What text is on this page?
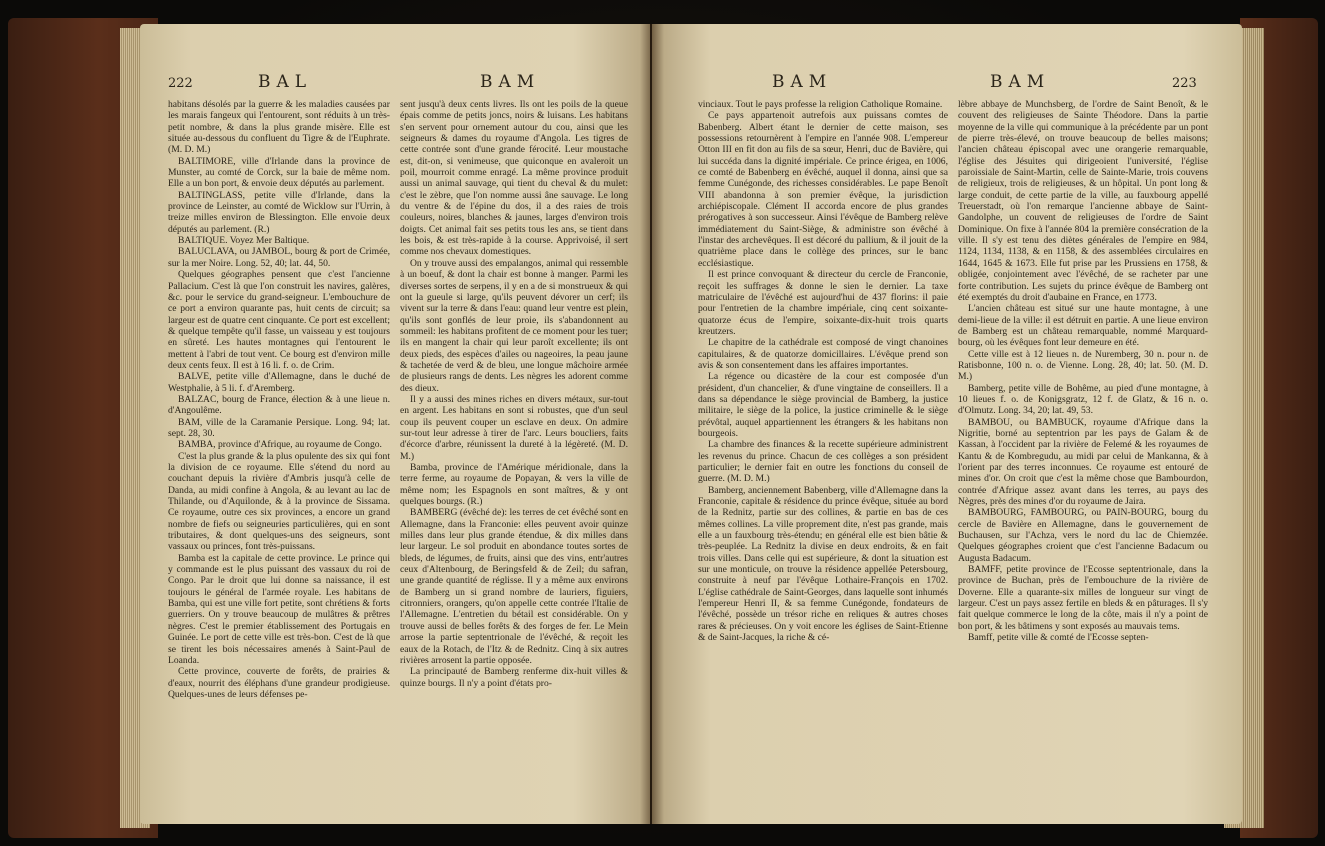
222	BAL	BAM

habitans désolés par la guerre & les maladies causées par les marais fangeux qui l'entourent, sont réduits à un très-petit nombre, & dans la plus grande misère. Elle est située au-dessous du confluent du Tigre & de l'Euphrate. (M. D. M.)

BALTIMORE, ville d'Irlande dans la province de Munster, au comté de Corck, sur la baie de même nom. Elle a un bon port, & envoie deux députés au parlement.

BALTINGLASS, petite ville d'Irlande, dans la province de Leinster, au comté de Wicklow sur l'Urrin, à treize milles environ de Blessington. Elle envoie deux députés au parlement. (R.)

BALTIQUE. Voyez Mer Baltique.

BALUCLAVA, ou JAMBOL, bourg & port de Crimée, sur la mer Noire. Long. 52, 40; lat. 44, 50.

Quelques géographes pensent que c'est l'ancienne Pallacium. C'est là que l'on construit les navires, galères, &c. pour le service du grand-seigneur. L'embouchure de ce port a environ quarante pas, huit cents de circuit; sa largeur est de quatre cent cinquante. Ce port est excellent; & quelque tempête qu'il fasse, un vaisseau y est toujours en sûreté. Les hautes montagnes qui l'entourent le mettent à l'abri de tout vent. Ce bourg est d'environ mille deux cents feux. Il est à 16 li. f. o. de Crim.

BALVE, petite ville d'Allemagne, dans le duché de Westphalie, à 5 li. f. d'Aremberg.

BALZAC, bourg de France, élection & à une lieue n. d'Angoulême.

BAM, ville de la Caramanie Persique. Long. 94; lat. sept. 28, 30.

BAMBA, province d'Afrique, au royaume de Congo.

C'est la plus grande & la plus opulente des six qui font la division de ce royaume. Elle s'étend du nord au couchant depuis la rivière d'Ambris jusqu'à celle de Danda, au midi confine à Angola, & au levant au lac de Thilande, ou d'Aquilonde, & à la province de Sissama. Ce royaume, outre ces six provinces, a encore un grand nombre de fiefs ou seigneuries particulières, qui en sont tributaires, & dont quelques-uns des seigneurs, sont vassaux ou princes, font très-puissans.

Bamba est la capitale de cette province. Le prince qui y commande est le plus puissant des vassaux du roi de Congo. Par le droit que lui donne sa naissance, il est toujours le général de l'armée royale. Les habitans de Bamba, qui est une ville fort petite, sont chrétiens & forts guerriers. On y trouve beaucoup de mulâtres & prêtres nègres. C'est le premier établissement des Portugais en Guinée. Le port de cette ville est très-bon. C'est de là que se tirent les bois nécessaires amenés à Saint-Paul de Loanda.

Cette province, couverte de forêts, de prairies & d'eaux, nourrit des éléphans d'une grandeur prodigieuse. Quelques-unes de leurs défenses pe-

sent jusqu'à deux cents livres. Ils ont les poils de la queue épais comme de petits joncs, noirs & luisans. Les habitans s'en servent pour ornement autour du cou, ainsi que les seigneurs & dames du royaume d'Angola. Les tigres de cette contrée sont d'une grande férocité. Leur moustache est, dit-on, si venimeuse, que quiconque en avaleroit un poil, mourroit comme enragé. La même province produit aussi un animal sauvage, qui tient du cheval & du mulet: c'est le zèbre, que l'on nomme aussi âne sauvage. Le long du ventre & de l'épine du dos, il a des raies de trois couleurs, noires, blanches & jaunes, larges d'environ trois doigts. Cet animal fait ses petits tous les ans, se tient dans les bois, & est très-rapide à la course. Apprivoisé, il sert comme nos chevaux domestiques.

On y trouve aussi des empalangos, animal qui ressemble à un boeuf, & dont la chair est bonne à manger. Parmi les diverses sortes de serpens, il y en a de si monstrueux & qui ont la gueule si large, qu'ils peuvent dévorer un cerf; ils vivent sur la terre & dans l'eau: quand leur ventre est plein, qu'ils sont gonflés de leur proie, ils s'abandonnent au sommeil: les habitans profitent de ce moment pour les tuer; ils en mangent la chair qui leur paroît excellente; ils ont deux pieds, des espèces d'ailes ou nageoires, la peau jaune & tachetée de verd & de bleu, une longue mâchoire armée de plusieurs rangs de dents. Les nègres les adorent comme des dieux.

Il y a aussi des mines riches en divers métaux, sur-tout en argent. Les habitans en sont si robustes, que d'un seul coup ils peuvent couper un esclave en deux. On admire sur-tout leur adresse à tirer de l'arc. Leurs boucliers, faits d'écorce d'arbre, réunissent la dureté à la légèreté. (M. D. M.)

Bamba, province de l'Amérique méridionale, dans la terre ferme, au royaume de Popayan, & vers la ville de même nom; les Espagnols en sont maîtres, & y ont quelques bourgs. (R.)

BAMBERG (évêché de): les terres de cet évêché sont en Allemagne, dans la Franconie: elles peuvent avoir quinze milles dans leur plus grande étendue, & dix milles dans leur largeur. Le sol produit en abondance toutes sortes de bleds, de légumes, de fruits, ainsi que des vins, entr'autres ceux d'Altenbourg, de Beringsfeld & de Zeil; du safran, une grande quantité de réglisse. Il y a même aux environs de Bamberg un si grand nombre de lauriers, figuiers, citronniers, orangers, qu'on appelle cette contrée l'Italie de l'Allemagne. L'entretien du bétail est considérable. On y trouve aussi de belles forêts & des forges de fer. Le Mein arrose la partie septentrionale de l'évêché, & reçoit les eaux de la Rotach, de l'Itz & de Rednitz. Cinq à six autres rivières arrosent la partie opposée.

La principauté de Bamberg renferme dix-huit villes & quinze bourgs. Il n'y a point d'états pro-

BAM	BAM	223

vinciaux. Tout le pays professe la religion Catholique Romaine.

Ce pays appartenoit autrefois aux puissans comtes de Babenberg. Albert étant le dernier de cette maison, ses possessions retournèrent à l'empire en l'année 908. L'empereur Otton III en fit don au fils de sa sœur, Henri, duc de Bavière, qui lui succéda dans la dignité impériale. Ce prince érigea, en 1006, ce comté de Babenberg en évêché, auquel il donna, ainsi que sa femme Cunégonde, des richesses considérables. Le pape Benoît VIII abandonna à son premier évêque, la jurisdiction archiépiscopale. Clément II accorda encore de plus grandes prérogatives à son successeur. Ainsi l'évêque de Bamberg relève immédiatement du Saint-Siège, & administre son évêché à l'instar des archevêques. Il est décoré du pallium, & il jouit de la quatrième place dans le collège des princes, sur le banc ecclésiastique.

Il est prince convoquant & directeur du cercle de Franconie, reçoit les suffrages & donne le sien le dernier. La taxe matriculaire de l'évêché est aujourd'hui de 437 florins: il paie pour l'entretien de la chambre impériale, cinq cent soixante-quatorze écus de l'empire, soixante-dix-huit trois quarts kreutzers.

Le chapitre de la cathédrale est composé de vingt chanoines capitulaires, & de quatorze domicillaires. L'évêque prend son avis & son consentement dans les affaires importantes.

La régence ou dicastère de la cour est composée d'un président, d'un chancelier, & d'une vingtaine de conseillers. Il a dans sa dépendance le siège provincial de Bamberg, la justice militaire, le siège de la police, la justice criminelle & le siège prévôtal, auquel appartiennent les étrangers & les habitans non bourgeois.

La chambre des finances & la recette supérieure administrent les revenus du prince. Chacun de ces collèges a son président particulier; le dernier fait en outre les fonctions du conseil de guerre. (M. D. M.)

Bamberg, anciennement Babenberg, ville d'Allemagne dans la Franconie, capitale & résidence du prince évêque, située au bord de la Rednitz, partie sur des collines, & partie en bas de ces mêmes collines. La ville proprement dite, n'est pas grande, mais elle a un fauxbourg très-étendu; en général elle est bien bâtie & très-peuplée. La Rednitz la divise en deux endroits, & en fait trois villes. Dans celle qui est supérieure, & dont la situation est sur une monticule, on trouve la résidence appellée Petersbourg, construite à neuf par l'évêque Lothaire-François en 1702. L'église cathédrale de Saint-Georges, dans laquelle sont inhumés l'empereur Henri II, & sa femme Cunégonde, fondateurs de l'évêché, possède un trésor riche en reliques & autres choses rares & précieuses. On y voit encore les églises de Saint-Etienne & de Saint-Jacques, la riche & cé-

lèbre abbaye de Munchsberg, de l'ordre de Saint Benoît, & le couvent des religieuses de Sainte Théodore. Dans la partie moyenne de la ville qui communique à la précédente par un pont de pierre très-élevé, on trouve beaucoup de belles maisons; l'ancien château épiscopal avec une orangerie remarquable, l'église des Jésuites qui dirigeoient l'université, l'église paroissiale de Saint-Martin, celle de Sainte-Marie, trois couvens de religieux, trois de religieuses, & un hôpital. Un pont long & large conduit, de cette partie de la ville, au fauxbourg appellé Treuerstadt, où l'on remarque l'ancienne abbaye de Saint-Gandolphe, un couvent de religieuses de l'ordre de Saint Dominique. On fixe à l'année 804 la première consécration de la ville. Il s'y est tenu des diètes générales de l'empire en 984, 1124, 1134, 1138, & en 1158, & des assemblées circulaires en 1644, 1645 & 1673. Elle fut prise par les Prussiens en 1758, & obligée, conjointement avec l'évêché, de se racheter par une forte contribution. Les sujets du prince évêque de Bamberg ont été exemptés du droit d'aubaine en France, en 1773.

L'ancien château est situé sur une haute montagne, à une demi-lieue de la ville: il est détruit en partie. A une lieue environ de Bamberg est un château remarquable, nommé Marquard-bourg, où les évêques font leur demeure en été.

Cette ville est à 12 lieues n. de Nuremberg, 30 n. pour n. de Ratisbonne, 100 n. o. de Vienne. Long. 28, 40; lat. 50. (M. D. M.)

Bamberg, petite ville de Bohême, au pied d'une montagne, à 10 lieues f. o. de Konigsgratz, 12 f. de Glatz, & 16 n. o. d'Olmutz. Long. 34, 20; lat. 49, 53.

BAMBOU, ou BAMBUCK, royaume d'Afrique dans la Nigritie, borné au septentrion par les pays de Galam & de Kassan, à l'occident par la rivière de Felemé & les royaumes de Kantu & de Kombregudu, au midi par celui de Mankanna, & à l'orient par des terres inconnues. Ce royaume est entouré de mines d'or. On croit que c'est la même chose que Bambourdon, contrée d'Afrique assez avant dans les terres, au pays des Nègres, près des mines d'or du royaume de Jaira.

BAMBOURG, FAMBOURG, ou PAIN-BOURG, bourg du cercle de Bavière en Allemagne, dans le gouvernement de Buchausen, sur l'Achza, vers le nord du lac de Chiemzée. Quelques géographes croient que c'est l'ancienne Badacum ou Augusta Badacum.

BAMFF, petite province de l'Ecosse septentrionale, dans la province de Buchan, près de l'embouchure de la rivière de Doverne. Elle a quarante-six milles de longueur sur vingt de largeur. C'est un pays assez fertile en bleds & en pâturages. Il s'y fait quelque commerce le long de la côte, mais il n'y a point de bon port, & les bâtimens y sont exposés au mauvais tems.

Bamff, petite ville & comté de l'Ecosse septen-
